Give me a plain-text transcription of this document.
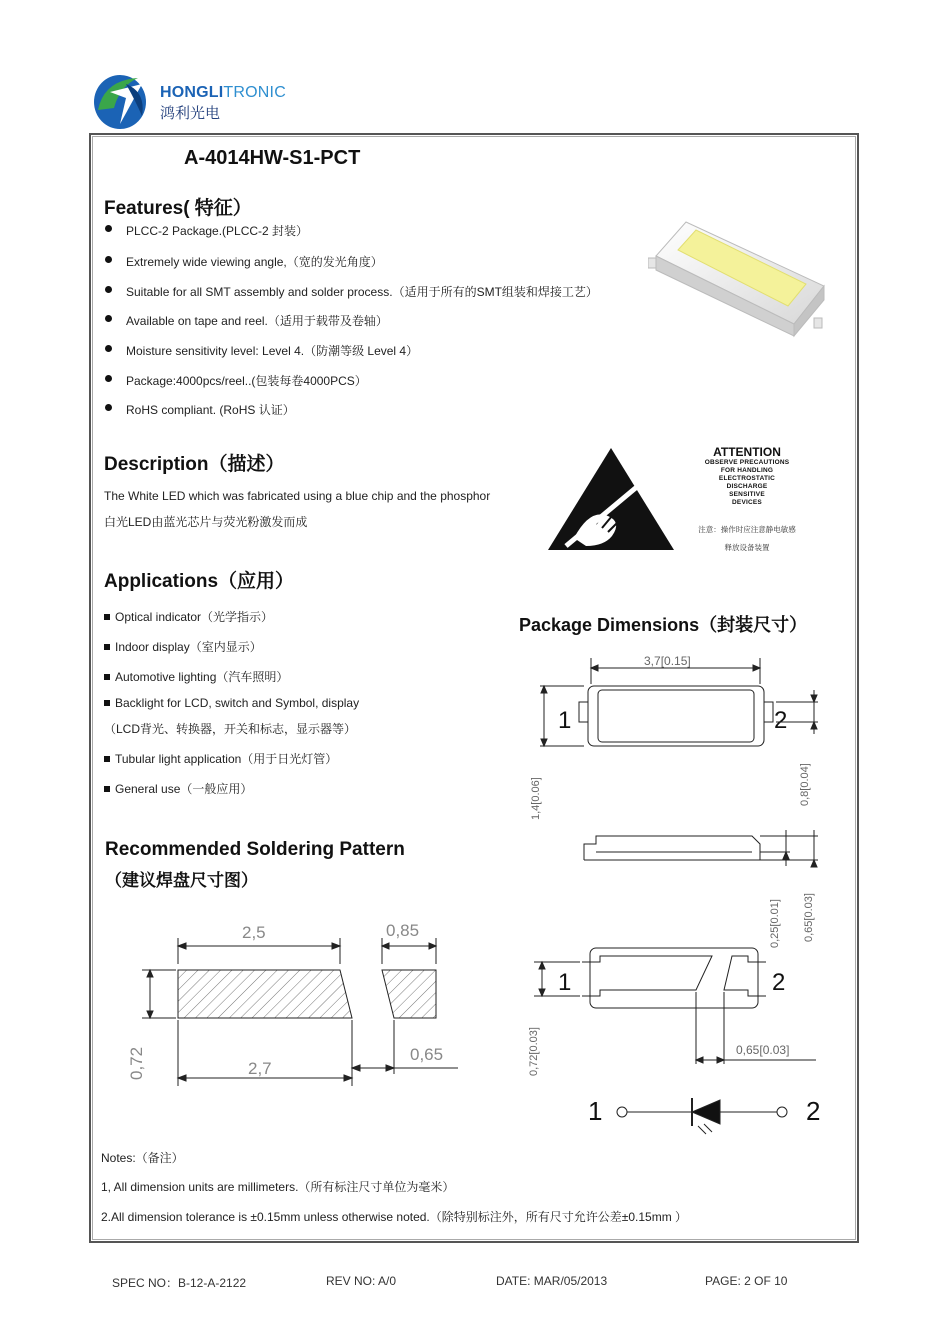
HONGLITRONIC
鸿利光电
A-4014HW-S1-PCT
Features( 特征）
PLCC-2 Package.(PLCC-2 封装）
Extremely wide viewing angle,（宽的发光角度）
Suitable for all SMT assembly and solder process.（适用于所有的SMT组装和焊接工艺）
Available on tape and reel.（适用于载带及卷轴）
Moisture sensitivity level: Level 4.（防潮等级 Level 4）
Package:4000pcs/reel..(包装每卷4000PCS）
RoHS compliant. (RoHS 认证）
Description（描述）
The White LED which was fabricated using a blue chip and the phosphor
白光LED由蓝光芯片与荧光粉激发而成
ATTENTION
OBSERVE PRECAUTIONS
FOR HANDLING
ELECTROSTATIC
DISCHARGE
SENSITIVE
DEVICES
注意：操作时应注意静电敏感
释放设备装置
Applications（应用）
Optical indicator（光学指示）
Indoor display（室内显示）
Automotive lighting（汽车照明）
Backlight for LCD, switch and Symbol, display
（LCD背光、转换器，开关和标志，显示器等）
Tubular light application（用于日光灯管）
General use（一般应用）
Package Dimensions（封装尺寸）
3,7[0.15]
1	2
1,4[0.06]
0,8[0.04]
0,25[0.01]
0,65[0.03]
1	2
0,72[0.03]
0,65[0.03]
1	2
Recommended Soldering Pattern
（建议焊盘尺寸图）
2,5	0,85
0,72	2,7
0,65
Notes:（备注）
1, All dimension units are millimeters.（所有标注尺寸单位为毫米）
2.All dimension tolerance is ±0.15mm unless otherwise noted.（除特别标注外，所有尺寸允许公差±0.15mm ）
SPEC NO：B-12-A-2122	REV NO: A/0	DATE: MAR/05/2013	PAGE: 2 OF 10
